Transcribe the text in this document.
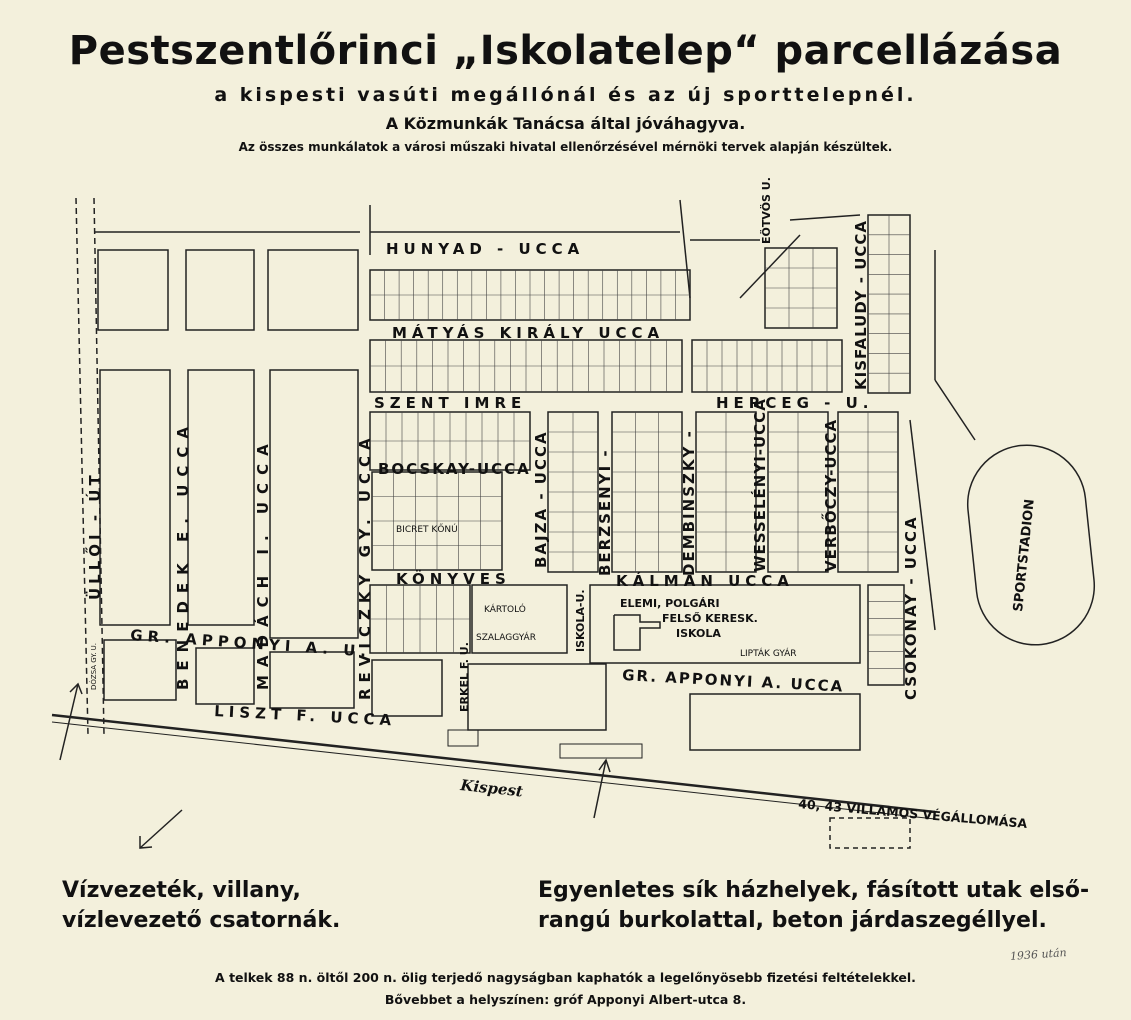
Pestszentlőrinci „Iskolatelep“ parcellázása
a kispesti vasúti megállónál és az új sporttelepnél.
A Közmunkák Tanácsa által jóváhagyva.
Az összes munkálatok a városi műszaki hivatal ellenőrzésével mérnöki tervek alapján készültek.
HUNYAD - UCCA
MÁTYÁS KIRÁLY UCCA
SZENT IMRE	HERCEG - U.
BOCSKAY-UCCA
KÖNYVES	KÁLMÁN UCCA
GR. APPONYI A. U.
GR. APPONYI A. UCCA
LISZT F. UCCA
ÜLLŐI - ÚT	BENEDEK E. UCCA	MADÁCH I. UCCA	REVICZKY GY. UCCA	BAJZA - UCCA	BERZSENYI -	DEMBINSZKY -	WESSELÉNYI-UCCA	VERBŐCZY-UCCA
KISFALUDY - UCCA
CSOKONAY - UCCA
EÖTVÖS U.
ERKEL F. U.
ISKOLA-U.
DÓZSA GY. U.
ELEMI, POLGÁRI
FELSŐ KERESK.
ISKOLA
LIPTÁK GYÁR
KÁRTOLÓ
SZALAGGYÁR
BICRET KŐNÚ	SPORTSTADION
Kispest
40, 43 VILLAMOS VÉGÁLLOMÁSA
Vízvezeték, villany,
vízlevezető csatornák.
Egyenletes sík házhelyek, fásított utak első-
rangú burkolattal, beton járdaszegéllyel.
1936 után
A telkek 88 n. öltől 200 n. ölig terjedő nagyságban kaphatók a legelőnyösebb fizetési feltételekkel.
Bővebbet a helyszínen: gróf Apponyi Albert-utca 8.
